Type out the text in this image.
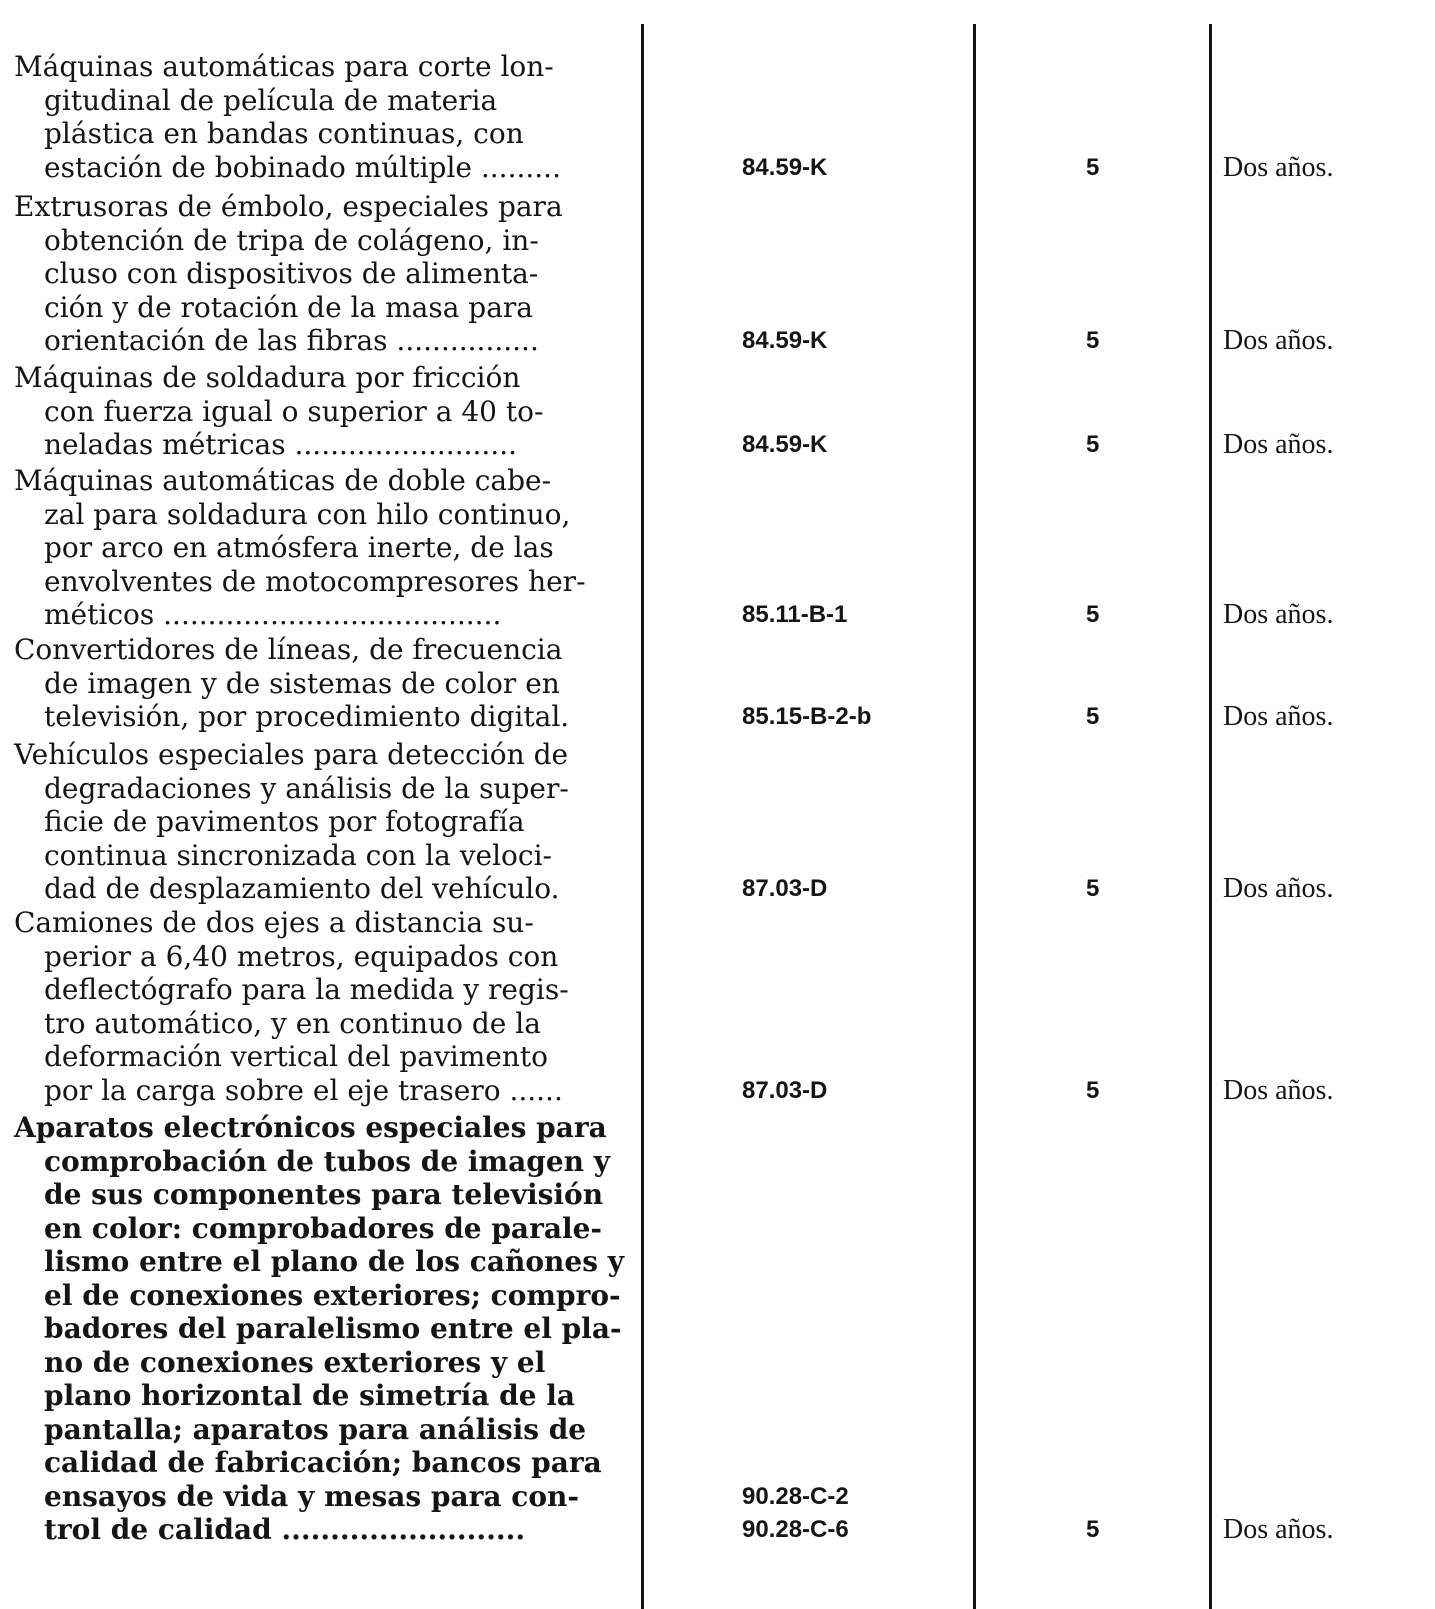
Máquinas automáticas para corte lon-
gitudinal de película de materia
plástica en bandas continuas, con
estación de bobinado múltiple .........	84.59-K	5	Dos años.
Extrusoras de émbolo, especiales para
obtención de tripa de colágeno, in-
cluso con dispositivos de alimenta-
ción y de rotación de la masa para
orientación de las fibras ................	84.59-K	5	Dos años.
Máquinas de soldadura por fricción
con fuerza igual o superior a 40 to-
neladas métricas .........................	84.59-K	5	Dos años.
Máquinas automáticas de doble cabe-
zal para soldadura con hilo continuo,
por arco en atmósfera inerte, de las
envolventes de motocompresores her-
méticos ......................................	85.11-B-1	5	Dos años.
Convertidores de líneas, de frecuencia
de imagen y de sistemas de color en
televisión, por procedimiento digital.	85.15-B-2-b	5	Dos años.
Vehículos especiales para detección de
degradaciones y análisis de la super-
ficie de pavimentos por fotografía
continua sincronizada con la veloci-
dad de desplazamiento del vehículo.	87.03-D	5	Dos años.
Camiones de dos ejes a distancia su-
perior a 6,40 metros, equipados con
deflectógrafo para la medida y regis-
tro automático, y en continuo de la
deformación vertical del pavimento
por la carga sobre el eje trasero ......	87.03-D	5	Dos años.
Aparatos electrónicos especiales para
comprobación de tubos de imagen y
de sus componentes para televisión
en color: comprobadores de parale-
lismo entre el plano de los cañones y
el de conexiones exteriores; compro-
badores del paralelismo entre el pla-
no de conexiones exteriores y el
plano horizontal de simetría de la
pantalla; aparatos para análisis de
calidad de fabricación; bancos para
ensayos de vida y mesas para con-
trol de calidad .........................
90.28-C-2
90.28-C-6	5	Dos años.
